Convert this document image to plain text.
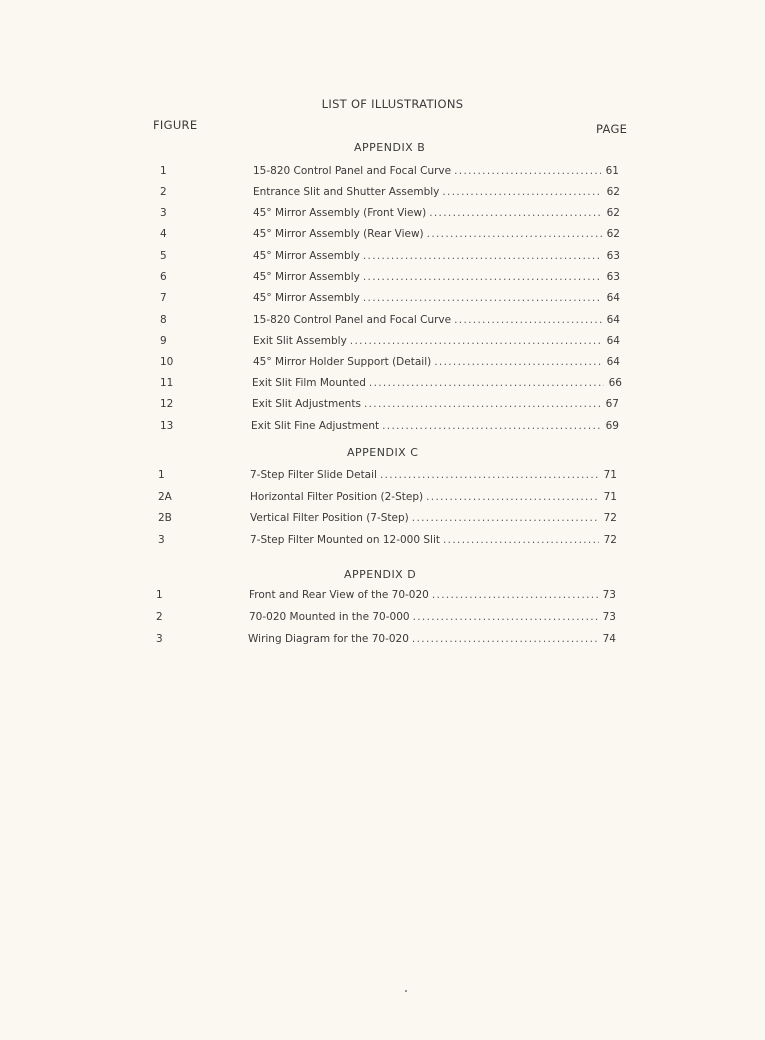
LIST OF ILLUSTRATIONS
FIGURE	PAGE
APPENDIX B
1	15-820 Control Panel and Focal Curve . . .	61
2	Entrance Slit and Shutter Assembly . . .	62
3	45° Mirror Assembly (Front View) . . .	62
4	45° Mirror Assembly (Rear View) . . .	62
5	45° Mirror Assembly . . .	63
6	45° Mirror Assembly . . .	63
7	45° Mirror Assembly . . .	64
8	15-820 Control Panel and Focal Curve . . .	64
9	Exit Slit Assembly . . .	64
10	45° Mirror Holder Support (Detail) . . .	64
11	Exit Slit Film Mounted . . .	66
12	Exit Slit Adjustments . . .	67
13	Exit Slit Fine Adjustment . . .	69
APPENDIX C
1	7-Step Filter Slide Detail . . .	71
2A	Horizontal Filter Position (2-Step) . . .	71
2B	Vertical Filter Position (7-Step) . . .	72
3	7-Step Filter Mounted on 12-000 Slit . . .	72
APPENDIX D
1	Front and Rear View of the 70-020 . . .	73
2	70-020 Mounted in the 70-000 . . .	73
3	Wiring Diagram for the 70-020 . . .	74
